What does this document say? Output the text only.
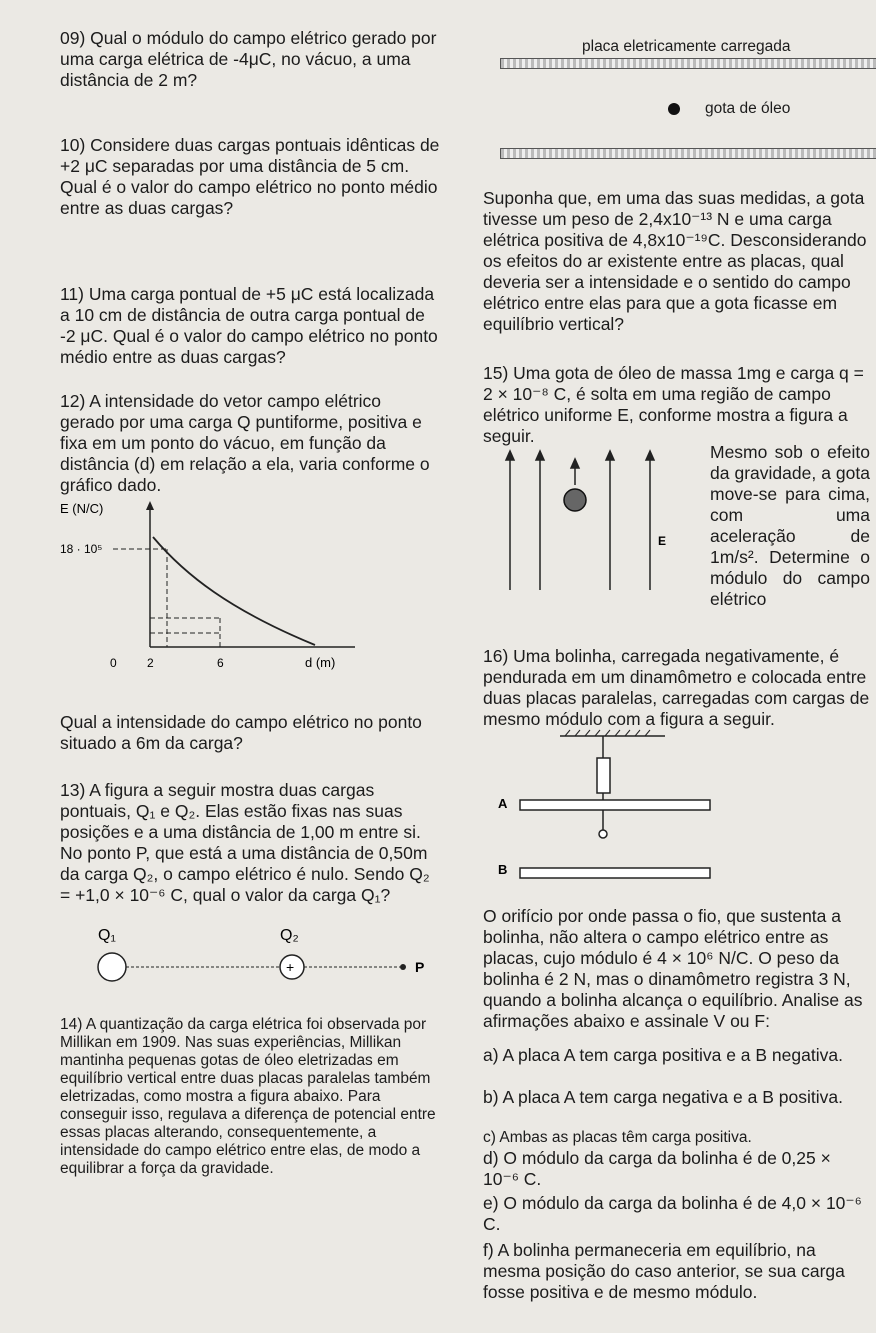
09) Qual o módulo do campo elétrico gerado por uma carga elétrica de -4μC, no vácuo, a uma distância de 2 m?

10) Considere duas cargas pontuais idênticas de +2 μC separadas por uma distância de 5 cm. Qual é o valor do campo elétrico no ponto médio entre as duas cargas?

11) Uma carga pontual de +5 μC está localizada a 10 cm de distância de outra carga pontual de -2 μC. Qual é o valor do campo elétrico no ponto médio entre as duas cargas?

12) A intensidade do vetor campo elétrico gerado por uma carga Q puntiforme, positiva e fixa em um ponto do vácuo, em função da distância (d) em relação a ela, varia conforme o gráfico dado.

E (N/C)
18 · 10⁵
0	2	6	d (m)

Qual a intensidade do campo elétrico no ponto situado a 6m da carga?

13) A figura a seguir mostra duas cargas pontuais, Q₁ e Q₂. Elas estão fixas nas suas posições e a uma distância de 1,00 m entre si. No ponto P, que está a uma distância de 0,50m da carga Q₂, o campo elétrico é nulo. Sendo Q₂ = +1,0 × 10⁻⁶ C, qual o valor da carga Q₁?

Q₁	Q₂
+	P

14) A quantização da carga elétrica foi observada por Millikan em 1909. Nas suas experiências, Millikan mantinha pequenas gotas de óleo eletrizadas em equilíbrio vertical entre duas placas paralelas também eletrizadas, como mostra a figura abaixo. Para conseguir isso, regulava a diferença de potencial entre essas placas alterando, consequentemente, a intensidade do campo elétrico entre elas, de modo a equilibrar a força da gravidade.

placa eletricamente carregada
gota de óleo

Suponha que, em uma das suas medidas, a gota tivesse um peso de 2,4x10⁻¹³ N e uma carga elétrica positiva de 4,8x10⁻¹⁹C. Desconsiderando os efeitos do ar existente entre as placas, qual deveria ser a intensidade e o sentido do campo elétrico entre elas para que a gota ficasse em equilíbrio vertical?

15) Uma gota de óleo de massa 1mg e carga q = 2 × 10⁻⁸ C, é solta em uma região de campo elétrico uniforme E, conforme mostra a figura a seguir.

E

Mesmo sob o efeito da gravidade, a gota move-se para cima, com uma aceleração de 1m/s². Determine o módulo do campo elétrico

16) Uma bolinha, carregada negativamente, é pendurada em um dinamômetro e colocada entre duas placas paralelas, carregadas com cargas de mesmo módulo com a figura a seguir.

A
B

O orifício por onde passa o fio, que sustenta a bolinha, não altera o campo elétrico entre as placas, cujo módulo é 4 × 10⁶ N/C. O peso da bolinha é 2 N, mas o dinamômetro registra 3 N, quando a bolinha alcança o equilíbrio. Analise as afirmações abaixo e assinale V ou F:

a) A placa A tem carga positiva e a B negativa.

b) A placa A tem carga negativa e a B positiva.

c) Ambas as placas têm carga positiva.

d) O módulo da carga da bolinha é de 0,25 × 10⁻⁶ C.

e) O módulo da carga da bolinha é de 4,0 × 10⁻⁶ C.

f) A bolinha permaneceria em equilíbrio, na mesma posição do caso anterior, se sua carga fosse positiva e de mesmo módulo.
